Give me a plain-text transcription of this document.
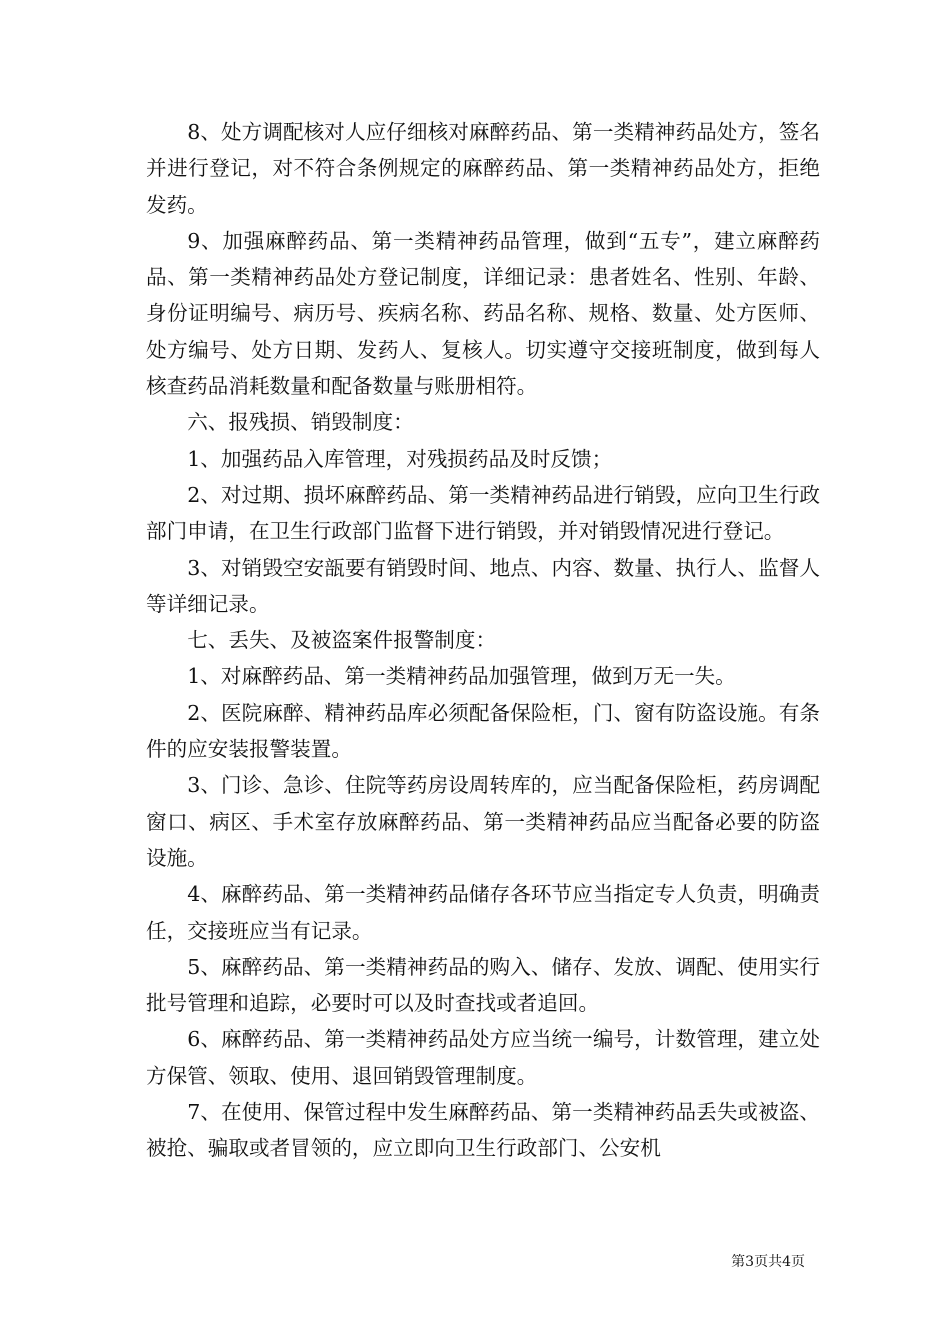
8、处方调配核对人应仔细核对麻醉药品、第一类精神药品处方，签名并进行登记，对不符合条例规定的麻醉药品、第一类精神药品处方，拒绝发药。

9、加强麻醉药品、第一类精神药品管理，做到“五专”，建立麻醉药品、第一类精神药品处方登记制度，详细记录：患者姓名、性别、年龄、身份证明编号、病历号、疾病名称、药品名称、规格、数量、处方医师、处方编号、处方日期、发药人、复核人。切实遵守交接班制度，做到每人核查药品消耗数量和配备数量与账册相符。

六、报残损、销毁制度：

1、加强药品入库管理，对残损药品及时反馈；

2、对过期、损坏麻醉药品、第一类精神药品进行销毁，应向卫生行政部门申请，在卫生行政部门监督下进行销毁，并对销毁情况进行登记。

3、对销毁空安瓿要有销毁时间、地点、内容、数量、执行人、监督人等详细记录。

七、丢失、及被盗案件报警制度：

1、对麻醉药品、第一类精神药品加强管理，做到万无一失。

2、医院麻醉、精神药品库必须配备保险柜，门、窗有防盗设施。有条件的应安装报警装置。

3、门诊、急诊、住院等药房设周转库的，应当配备保险柜，药房调配窗口、病区、手术室存放麻醉药品、第一类精神药品应当配备必要的防盗设施。

4、麻醉药品、第一类精神药品储存各环节应当指定专人负责，明确责任，交接班应当有记录。

5、麻醉药品、第一类精神药品的购入、储存、发放、调配、使用实行批号管理和追踪，必要时可以及时查找或者追回。

6、麻醉药品、第一类精神药品处方应当统一编号，计数管理，建立处方保管、领取、使用、退回销毁管理制度。

7、在使用、保管过程中发生麻醉药品、第一类精神药品丢失或被盗、被抢、骗取或者冒领的，应立即向卫生行政部门、公安机

第3页共4页
